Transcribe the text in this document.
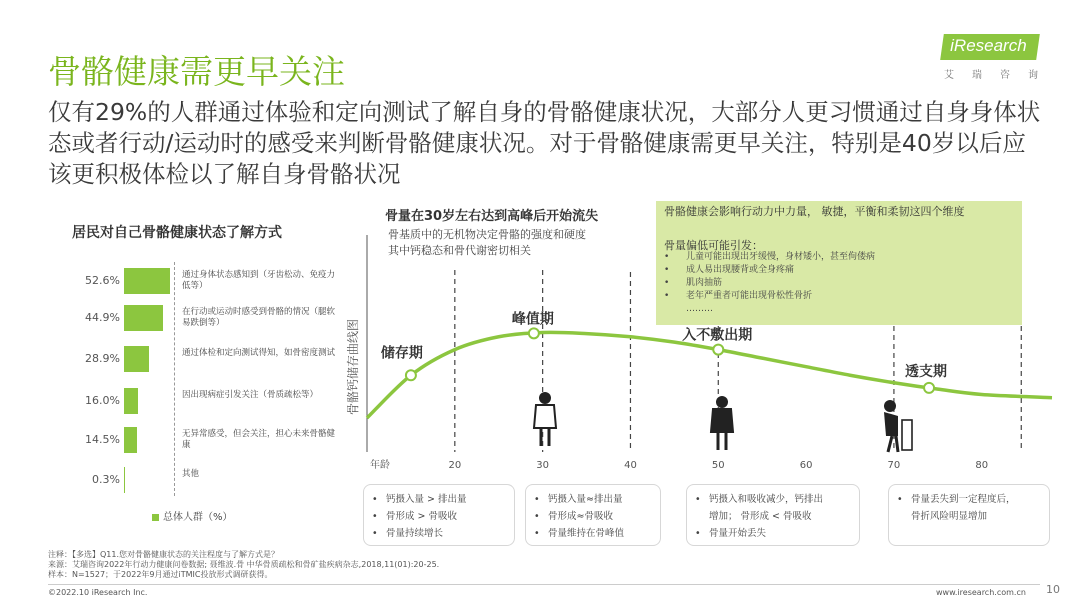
骨骼健康需更早关注
iResearch
艾 瑞 咨 询
仅有29%的人群通过体验和定向测试了解自身的骨骼健康状况，大部分人更习惯通过自身身体状态或者行动/运动时的感受来判断骨骼健康状况。对于骨骼健康需更早关注，特别是40岁以后应该更积极体检以了解自身骨骼状况
居民对自己骨骼健康状态了解方式
52.6%	通过身体状态感知到（牙齿松动、免疫力低等）
44.9%	在行动或运动时感受到骨骼的情况（腿软易跌倒等）
28.9%	通过体检和定向测试得知，如骨密度测试
16.0%	因出现病症引发关注（骨质疏松等）
14.5%	无异常感受，但会关注，担心未来骨骼健康
0.3%	其他
总体人群（%）
骨量在30岁左右达到高峰后开始流失
骨基质中的无机物决定骨骼的强度和硬度
其中钙稳态和骨代谢密切相关
骨骼钙储存曲线图 储存期
峰值期
入不敷出期
透支期
年龄	20	30	40	50	60	70	80
骨骼健康会影响行动力中力量， 敏捷，平衡和柔韧这四个维度
骨量偏低可能引发：
• 儿童可能出现出牙缓慢，身材矮小，甚至佝偻病
• 成人易出现腰背或全身疼痛
• 肌肉抽筋
• 老年严重者可能出现骨松性骨折
………
• 钙摄入量 > 排出量
• 骨形成 > 骨吸收
• 骨量持续增长
• 钙摄入量≈排出量
• 骨形成≈骨吸收
• 骨量维持在骨峰值
• 钙摄入和吸收减少，钙排出
增加； 骨形成 < 骨吸收
• 骨量开始丢失
• 骨量丢失到一定程度后，
骨折风险明显增加
注释：【多选】Q11.您对骨骼健康状态的关注程度与了解方式是？
来源：艾瑞咨询2022年行动力健康问卷数据; 聂维波.骨 中华骨质疏松和骨矿盐疾病杂志,2018,11(01):20-25.
样本：N=1527；于2022年9月通过iTMIC投放形式调研获得。
©2022.10 iResearch Inc.	www.iresearch.com.cn 10
